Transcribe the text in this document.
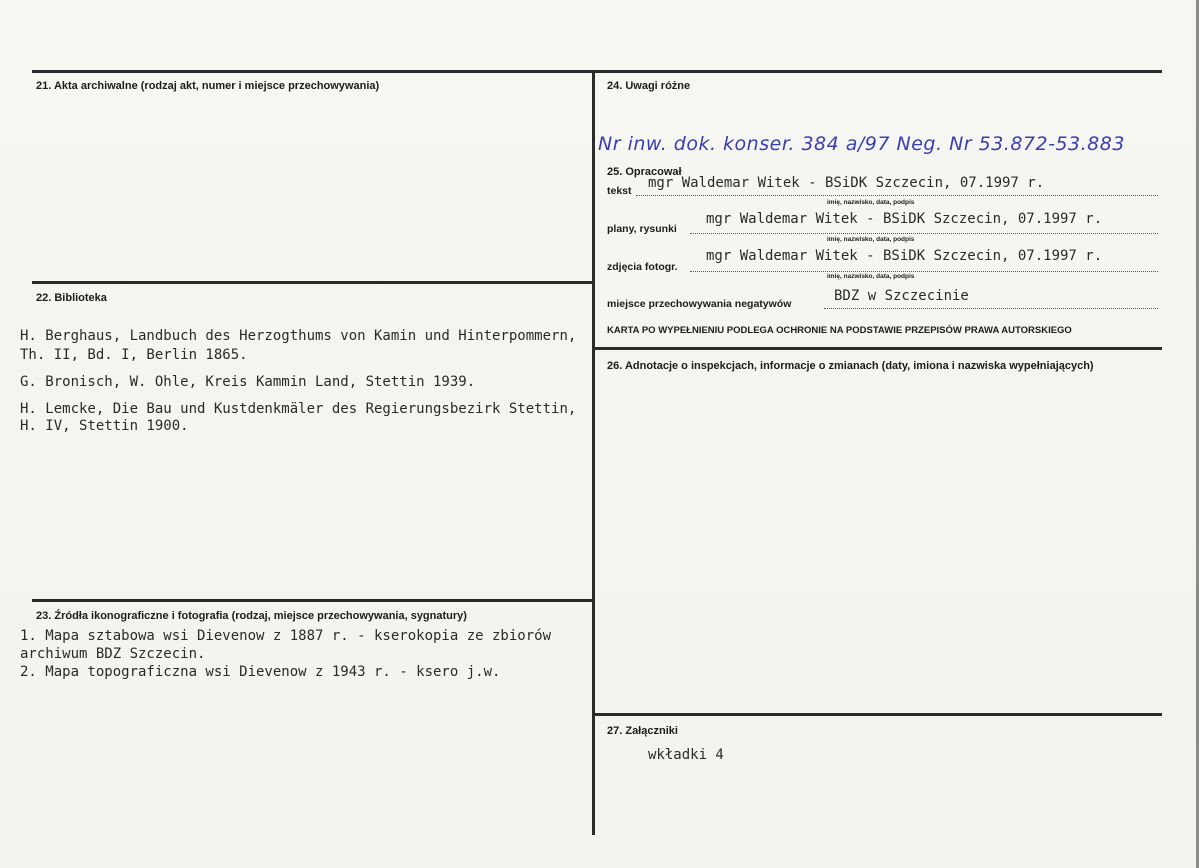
21. Akta archiwalne (rodzaj akt, numer i miejsce przechowywania)
22. Biblioteka
H. Berghaus, Landbuch des Herzogthums von Kamin und Hinterpommern,
Th. II, Bd. I, Berlin 1865.
G. Bronisch, W. Ohle, Kreis Kammin Land, Stettin 1939.
H. Lemcke, Die Bau und Kustdenkmäler des Regierungsbezirk Stettin,
H. IV, Stettin 1900.
23. Źródła ikonograficzne i fotografia (rodzaj, miejsce przechowywania, sygnatury)
1. Mapa sztabowa wsi Dievenow z 1887 r. - kserokopia ze zbiorów
archiwum BDZ Szczecin.
2. Mapa topograficzna wsi Dievenow z 1943 r. - ksero j.w.
24. Uwagi różne
Nr inw. dok. konser. 384 a/97 Neg. Nr 53.872-53.883
25. Opracował
tekst mgr Waldemar Witek - BSiDK Szczecin, 07.1997 r.
imię, nazwisko, data, podpis
plany, rysunki
mgr Waldemar Witek - BSiDK Szczecin, 07.1997 r.
imię, nazwisko, data, podpis
zdjęcia fotogr.
mgr Waldemar Witek - BSiDK Szczecin, 07.1997 r.
imię, nazwisko, data, podpis
miejsce przechowywania negatywów	BDZ w Szczecinie
KARTA PO WYPEŁNIENIU PODLEGA OCHRONIE NA PODSTAWIE PRZEPISÓW PRAWA AUTORSKIEGO
26. Adnotacje o inspekcjach, informacje o zmianach (daty, imiona i nazwiska wypełniających)
27. Załączniki
wkładki 4
